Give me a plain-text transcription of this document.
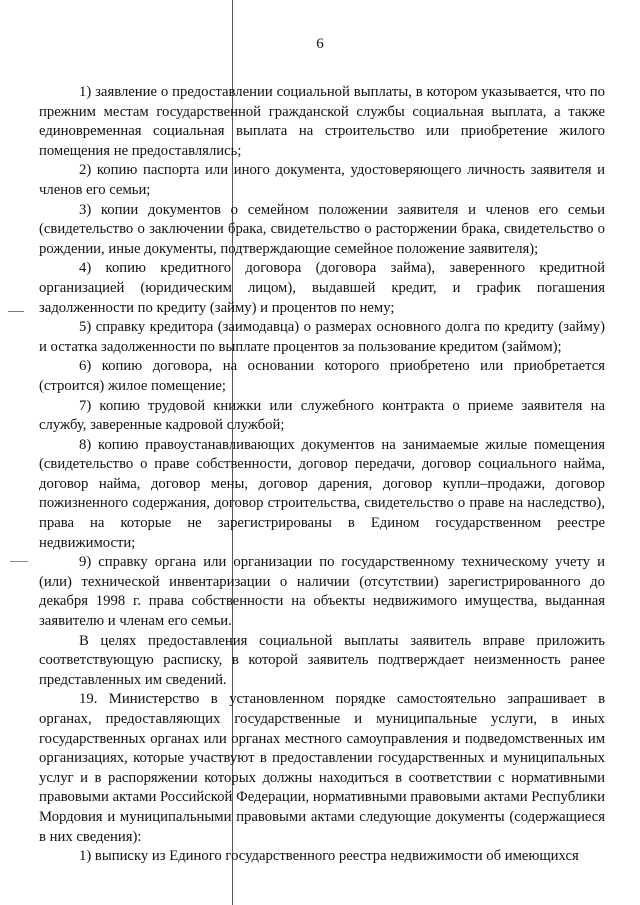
6

1) заявление о предоставлении социальной выплаты, в котором указывается, что по прежним местам государственной гражданской службы социальная выплата, а также единовременная социальная выплата на строительство или приобретение жилого помещения не предоставлялись;

2) копию паспорта или иного документа, удостоверяющего личность заявителя и членов его семьи;

3) копии документов о семейном положении заявителя и членов его семьи (свидетельство о заключении брака, свидетельство о расторжении брака, свидетельство о рождении, иные документы, подтверждающие семейное положение заявителя);

4) копию кредитного договора (договора займа), заверенного кредитной организацией (юридическим лицом), выдавшей кредит, и график погашения задолженности по кредиту (займу) и процентов по нему;

5) справку кредитора (заимодавца) о размерах основного долга по кредиту (займу) и остатка задолженности по выплате процентов за пользование кредитом (займом);

6) копию договора, на основании которого приобретено или приобретается (строится) жилое помещение;

7) копию трудовой книжки или служебного контракта о приеме заявителя на службу, заверенные кадровой службой;

8) копию правоустанавливающих документов на занимаемые жилые помещения (свидетельство о праве собственности, договор передачи, договор социального найма, договор найма, договор мены, договор дарения, договор купли–продажи, договор пожизненного содержания, договор строительства, свидетельство о праве на наследство), права на которые не зарегистрированы в Едином государственном реестре недвижимости;

9) справку органа или организации по государственному техническому учету и (или) технической инвентаризации о наличии (отсутствии) зарегистрированного до декабря 1998 г. права собственности на объекты недвижимого имущества, выданная заявителю и членам его семьи.

В целях предоставления социальной выплаты заявитель вправе приложить соответствующую расписку, в которой заявитель подтверждает неизменность ранее представленных им сведений.

19. Министерство в установленном порядке самостоятельно запрашивает в органах, предоставляющих государственные и муниципальные услуги, в иных государственных органах или органах местного самоуправления и подведомственных им организациях, которые участвуют в предоставлении государственных и муниципальных услуг и в распоряжении которых должны находиться в соответствии с нормативными правовыми актами Российской Федерации, нормативными правовыми актами Республики Мордовия и муниципальными правовыми актами следующие документы (содержащиеся в них сведения):

1) выписку из Единого государственного реестра недвижимости об имеющихся
